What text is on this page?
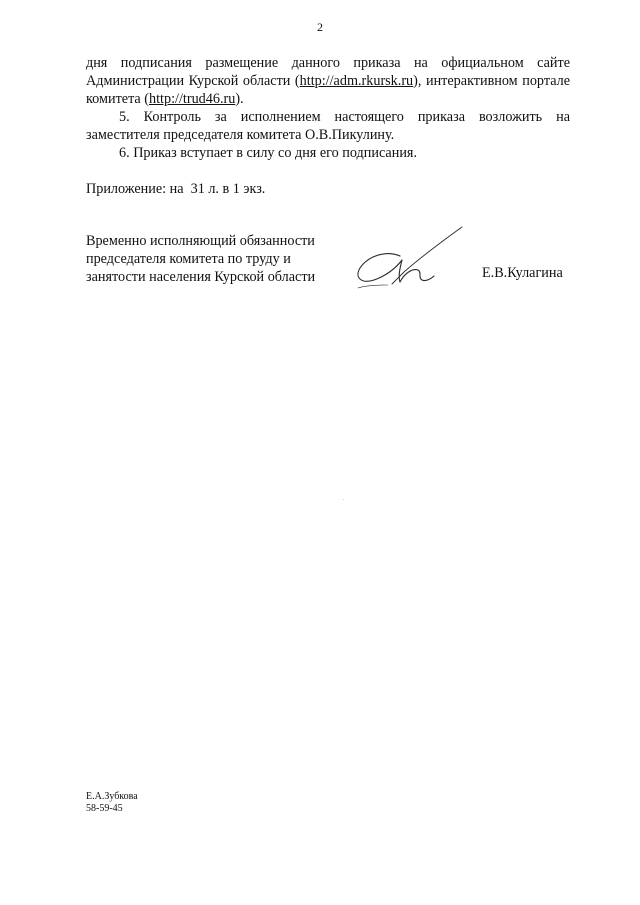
2

дня подписания размещение данного приказа на официальном сайте Администрации Курской области (http://adm.rkursk.ru), интерактивном портале комитета (http://trud46.ru).

5. Контроль за исполнением настоящего приказа возложить на заместителя председателя комитета О.В.Пикулину.

6. Приказ вступает в силу со дня его подписания.

Приложение: на  31 л. в 1 экз.
Временно исполняющий обязанности
председателя комитета по труду и
занятости населения Курской области	Е.В.Кулагина
Е.А.Зубкова
58-59-45
